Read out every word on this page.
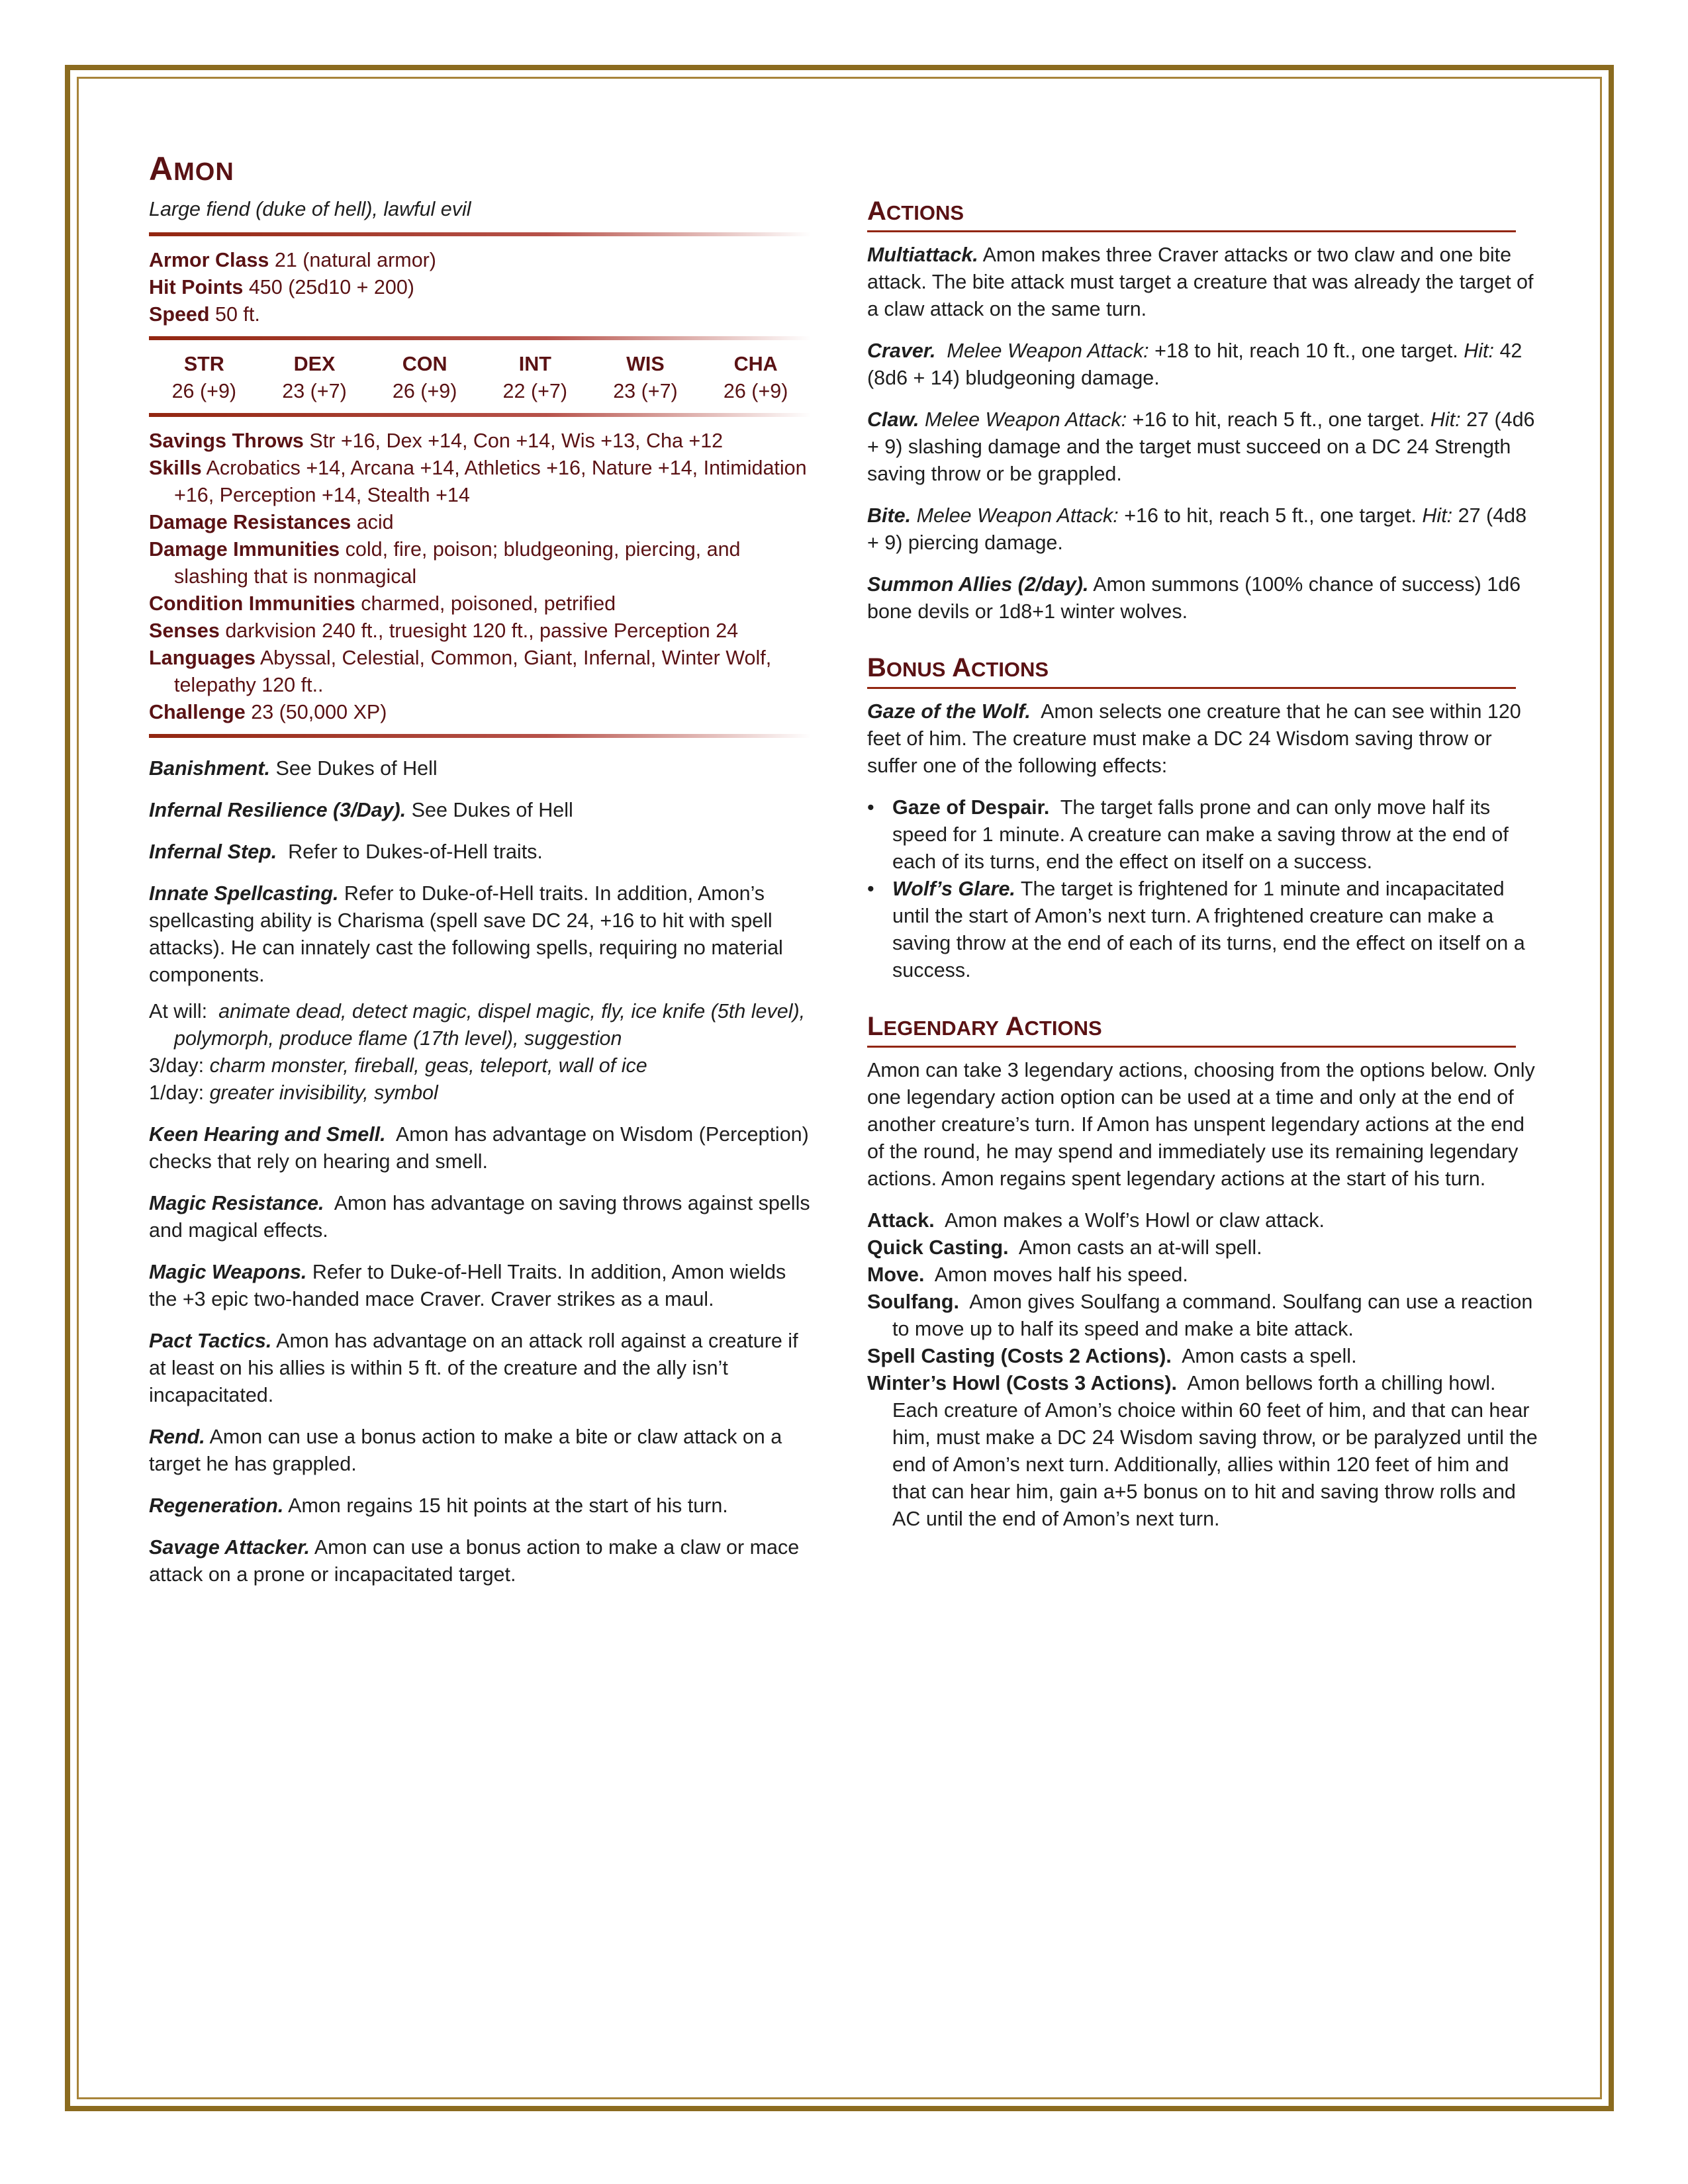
AMON

Large fiend (duke of hell), lawful evil

Armor Class 21 (natural armor)

Hit Points 450 (25d10 + 200)

Speed 50 ft.

STR	DEX	CON	INT	WIS	CHA
26 (+9)	23 (+7)	26 (+9)	22 (+7)	23 (+7)	26 (+9)

Savings Throws Str +16, Dex +14, Con +14, Wis +13, Cha +12

Skills Acrobatics +14, Arcana +14, Athletics +16, Nature +14, Intimidation +16, Perception +14, Stealth +14

Damage Resistances acid

Damage Immunities cold, fire, poison; bludgeoning, piercing, and slashing that is nonmagical

Condition Immunities charmed, poisoned, petrified

Senses darkvision 240 ft., truesight 120 ft., passive Perception 24

Languages Abyssal, Celestial, Common, Giant, Infernal, Winter Wolf, telepathy 120 ft..

Challenge 23 (50,000 XP)

Banishment. See Dukes of Hell

Infernal Resilience (3/Day). See Dukes of Hell

Infernal Step. Refer to Dukes-of-Hell traits.

Innate Spellcasting. Refer to Duke-of-Hell traits. In addition, Amon’s spellcasting ability is Charisma (spell save DC 24, +16 to hit with spell attacks). He can innately cast the following spells, requiring no material components.

At will: animate dead, detect magic, dispel magic, fly, ice knife (5th level), polymorph, produce flame (17th level), suggestion

3/day: charm monster, fireball, geas, teleport, wall of ice

1/day: greater invisibility, symbol

Keen Hearing and Smell. Amon has advantage on Wisdom (Perception) checks that rely on hearing and smell.

Magic Resistance. Amon has advantage on saving throws against spells and magical effects.

Magic Weapons. Refer to Duke-of-Hell Traits. In addition, Amon wields the +3 epic two-handed mace Craver. Craver strikes as a maul.

Pact Tactics. Amon has advantage on an attack roll against a creature if at least on his allies is within 5 ft. of the creature and the ally isn’t incapacitated.

Rend. Amon can use a bonus action to make a bite or claw attack on a target he has grappled.

Regeneration. Amon regains 15 hit points at the start of his turn.

Savage Attacker. Amon can use a bonus action to make a claw or mace attack on a prone or incapacitated target.

ACTIONS

Multiattack. Amon makes three Craver attacks or two claw and one bite attack. The bite attack must target a creature that was already the target of a claw attack on the same turn.

Craver. Melee Weapon Attack: +18 to hit, reach 10 ft., one target. Hit: 42 (8d6 + 14) bludgeoning damage.

Claw. Melee Weapon Attack: +16 to hit, reach 5 ft., one target. Hit: 27 (4d6 + 9) slashing damage and the target must succeed on a DC 24 Strength saving throw or be grappled.

Bite. Melee Weapon Attack: +16 to hit, reach 5 ft., one target. Hit: 27 (4d8 + 9) piercing damage.

Summon Allies (2/day). Amon summons (100% chance of success) 1d6 bone devils or 1d8+1 winter wolves.

BONUS ACTIONS

Gaze of the Wolf. Amon selects one creature that he can see within 120 feet of him. The creature must make a DC 24 Wisdom saving throw or suffer one of the following effects:

• Gaze of Despair. The target falls prone and can only move half its speed for 1 minute. A creature can make a saving throw at the end of each of its turns, end the effect on itself on a success.
• Wolf’s Glare. The target is frightened for 1 minute and incapacitated until the start of Amon’s next turn. A frightened creature can make a saving throw at the end of each of its turns, end the effect on itself on a success.
LEGENDARY ACTIONS

Amon can take 3 legendary actions, choosing from the options below. Only one legendary action option can be used at a time and only at the end of another creature’s turn. If Amon has unspent legendary actions at the end of the round, he may spend and immediately use its remaining legendary actions. Amon regains spent legendary actions at the start of his turn.

Attack. Amon makes a Wolf’s Howl or claw attack.

Quick Casting. Amon casts an at-will spell.

Move. Amon moves half his speed.

Soulfang. Amon gives Soulfang a command. Soulfang can use a reaction to move up to half its speed and make a bite attack.

Spell Casting (Costs 2 Actions). Amon casts a spell.

Winter’s Howl (Costs 3 Actions). Amon bellows forth a chilling howl. Each creature of Amon’s choice within 60 feet of him, and that can hear him, must make a DC 24 Wisdom saving throw, or be paralyzed until the end of Amon’s next turn. Additionally, allies within 120 feet of him and that can hear him, gain a+5 bonus on to hit and saving throw rolls and AC until the end of Amon’s next turn.
